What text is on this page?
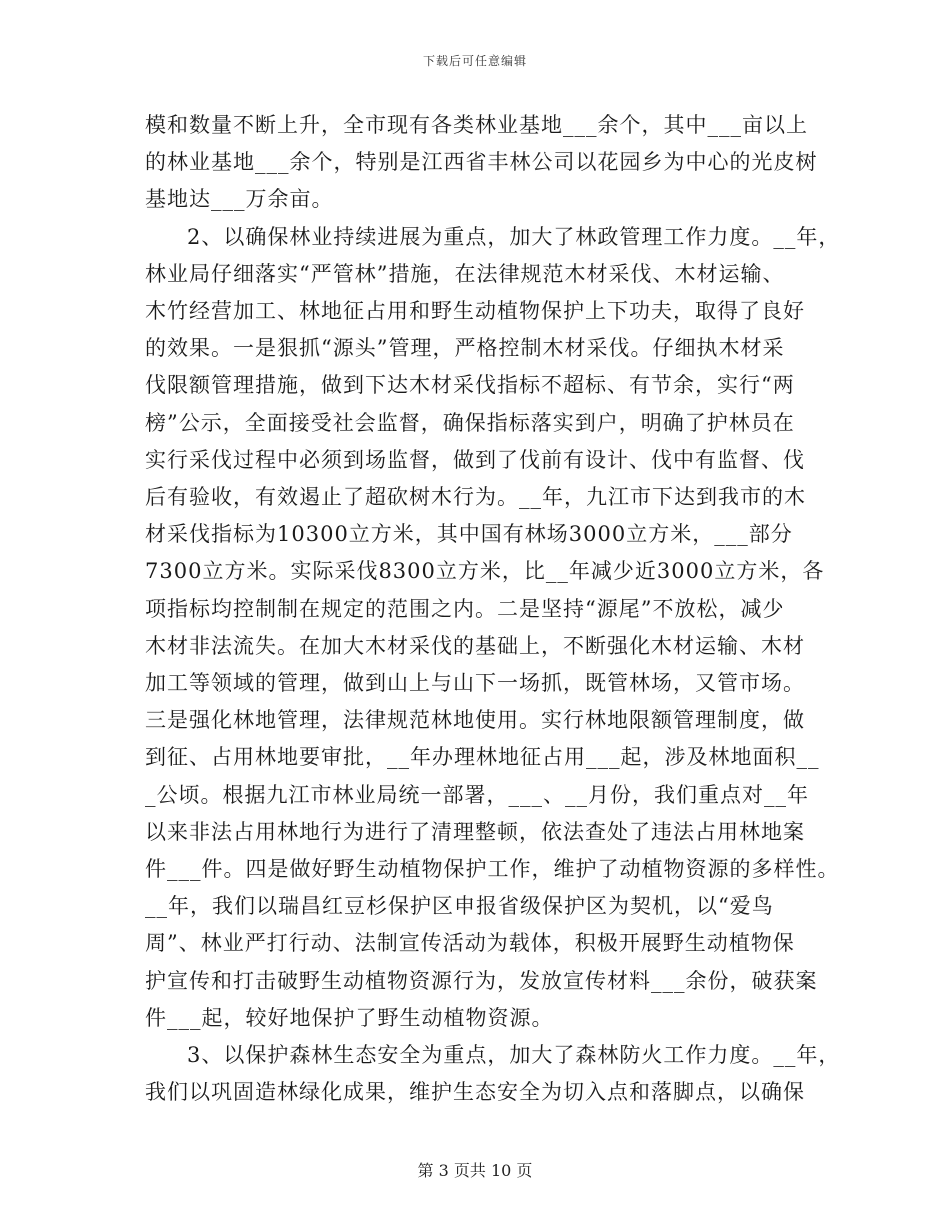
下载后可任意编辑
模和数量不断上升，全市现有各类林业基地___余个，其中___亩以上
的林业基地___余个，特别是江西省丰林公司以花园乡为中心的光皮树
基地达___万余亩。
2、以确保林业持续进展为重点，加大了林政管理工作力度。__年，
林业局仔细落实“严管林”措施，在法律规范木材采伐、木材运输、
木竹经营加工、林地征占用和野生动植物保护上下功夫，取得了良好
的效果。一是狠抓“源头”管理，严格控制木材采伐。仔细执木材采
伐限额管理措施，做到下达木材采伐指标不超标、有节余，实行“两
榜”公示，全面接受社会监督，确保指标落实到户，明确了护林员在
实行采伐过程中必须到场监督，做到了伐前有设计、伐中有监督、伐
后有验收，有效遏止了超砍树木行为。__年，九江市下达到我市的木
材采伐指标为10300立方米，其中国有林场3000立方米，___部分
7300立方米。实际采伐8300立方米，比__年减少近3000立方米，各
项指标均控制制在规定的范围之内。二是坚持“源尾”不放松，减少
木材非法流失。在加大木材采伐的基础上，不断强化木材运输、木材
加工等领域的管理，做到山上与山下一场抓，既管林场，又管市场。
三是强化林地管理，法律规范林地使用。实行林地限额管理制度，做
到征、占用林地要审批，__年办理林地征占用___起，涉及林地面积__
_公顷。根据九江市林业局统一部署，___、__月份，我们重点对__年
以来非法占用林地行为进行了清理整顿，依法查处了违法占用林地案
件___件。四是做好野生动植物保护工作，维护了动植物资源的多样性。
__年，我们以瑞昌红豆杉保护区申报省级保护区为契机，以“爱鸟
周”、林业严打行动、法制宣传活动为载体，积极开展野生动植物保
护宣传和打击破野生动植物资源行为，发放宣传材料___余份，破获案
件___起，较好地保护了野生动植物资源。
3、以保护森林生态安全为重点，加大了森林防火工作力度。__年，
我们以巩固造林绿化成果，维护生态安全为切入点和落脚点，以确保
第 3 页共 10 页
